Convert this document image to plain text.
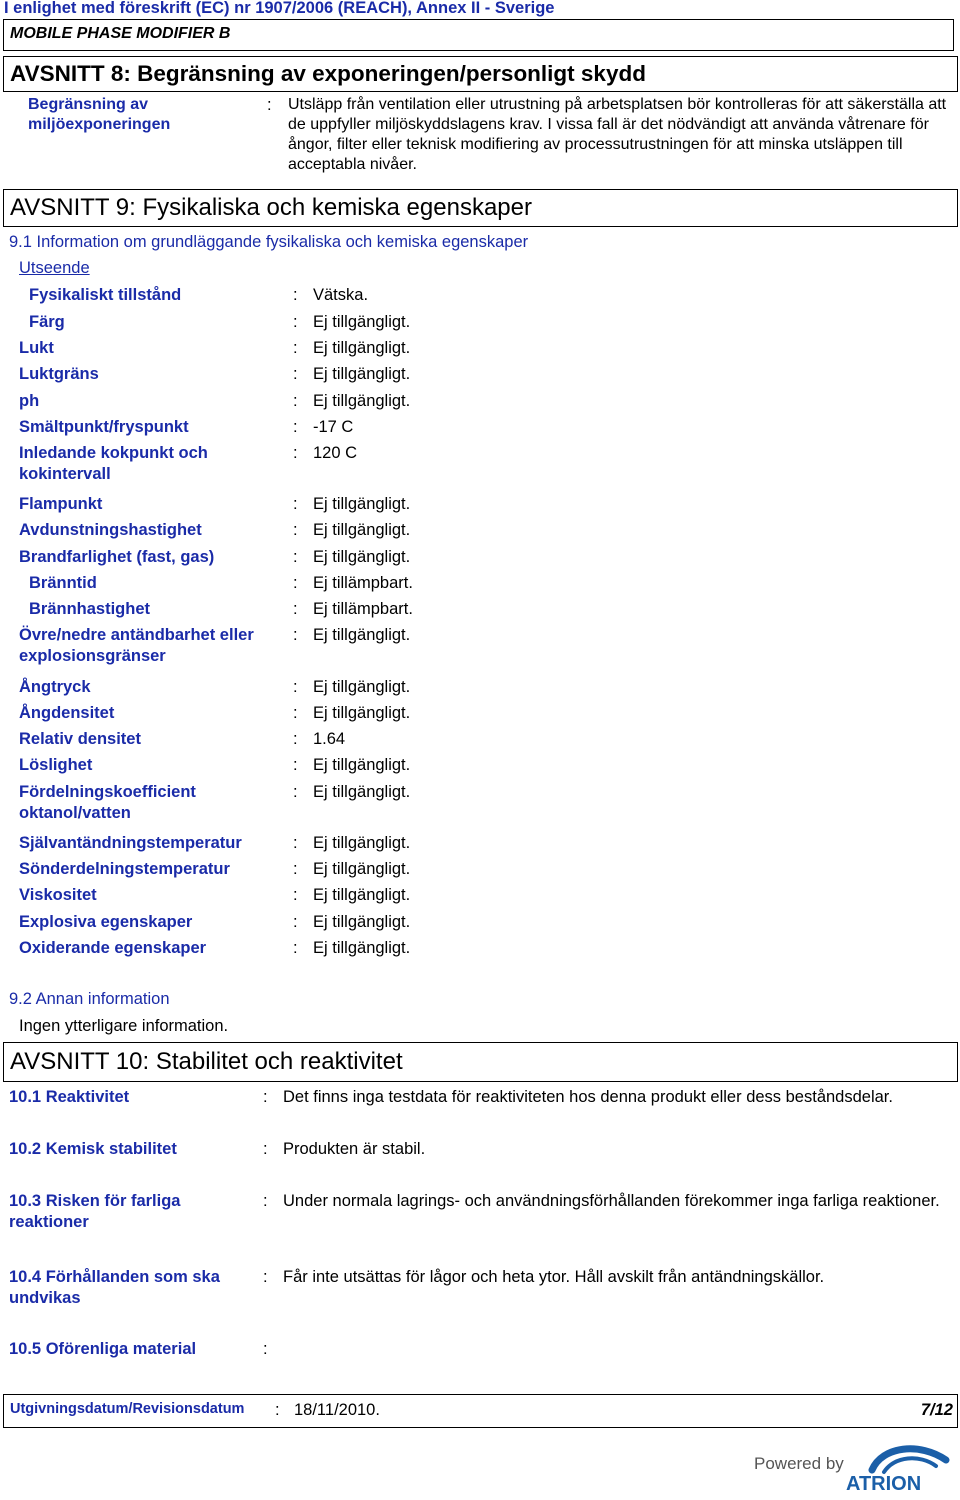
I enlighet med föreskrift (EC) nr 1907/2006 (REACH), Annex II - Sverige
MOBILE PHASE MODIFIER B
AVSNITT 8: Begränsning av exponeringen/personligt skydd
Begränsning av miljöexponeringen
: Utsläpp från ventilation eller utrustning på arbetsplatsen bör kontrolleras för att säkerställa att de uppfyller miljöskyddslagens krav. I vissa fall är det nödvändigt att använda våtrenare för ångor, filter eller teknisk modifiering av processutrustningen för att minska utsläppen till acceptabla nivåer.
AVSNITT 9: Fysikaliska och kemiska egenskaper
9.1 Information om grundläggande fysikaliska och kemiska egenskaper
Utseende
Fysikaliskt tillstånd	: Vätska.
Färg	: Ej tillgängligt.
Lukt	: Ej tillgängligt.
Luktgräns	: Ej tillgängligt.
ph	: Ej tillgängligt.
Smältpunkt/fryspunkt	: -17 C
Inledande kokpunkt och kokintervall
: 120 C
Flampunkt	: Ej tillgängligt.
Avdunstningshastighet	: Ej tillgängligt.
Brandfarlighet (fast, gas)	: Ej tillgängligt.
Bränntid	: Ej tillämpbart.
Brännhastighet	: Ej tillämpbart.
Övre/nedre antändbarhet eller explosionsgränser
: Ej tillgängligt.
Ångtryck	: Ej tillgängligt.
Ångdensitet	: Ej tillgängligt.
Relativ densitet	: 1.64
Löslighet	: Ej tillgängligt.
Fördelningskoefficient oktanol/vatten
: Ej tillgängligt.
Självantändningstemperatur	: Ej tillgängligt.
Sönderdelningstemperatur	: Ej tillgängligt.
Viskositet	: Ej tillgängligt.
Explosiva egenskaper	: Ej tillgängligt.
Oxiderande egenskaper	: Ej tillgängligt.
9.2 Annan information
Ingen ytterligare information.
AVSNITT 10: Stabilitet och reaktivitet
10.1 Reaktivitet	: Det finns inga testdata för reaktiviteten hos denna produkt eller dess beståndsdelar.
10.2 Kemisk stabilitet	: Produkten är stabil.
10.3 Risken för farliga reaktioner
: Under normala lagrings- och användningsförhållanden förekommer inga farliga reaktioner.
10.4 Förhållanden som ska undvikas
: Får inte utsättas för lågor och heta ytor. Håll avskilt från antändningskällor.
10.5 Oförenliga material	:
Utgivningsdatum/Revisionsdatum : 18/11/2010.	7/12
Powered by
ATRION
